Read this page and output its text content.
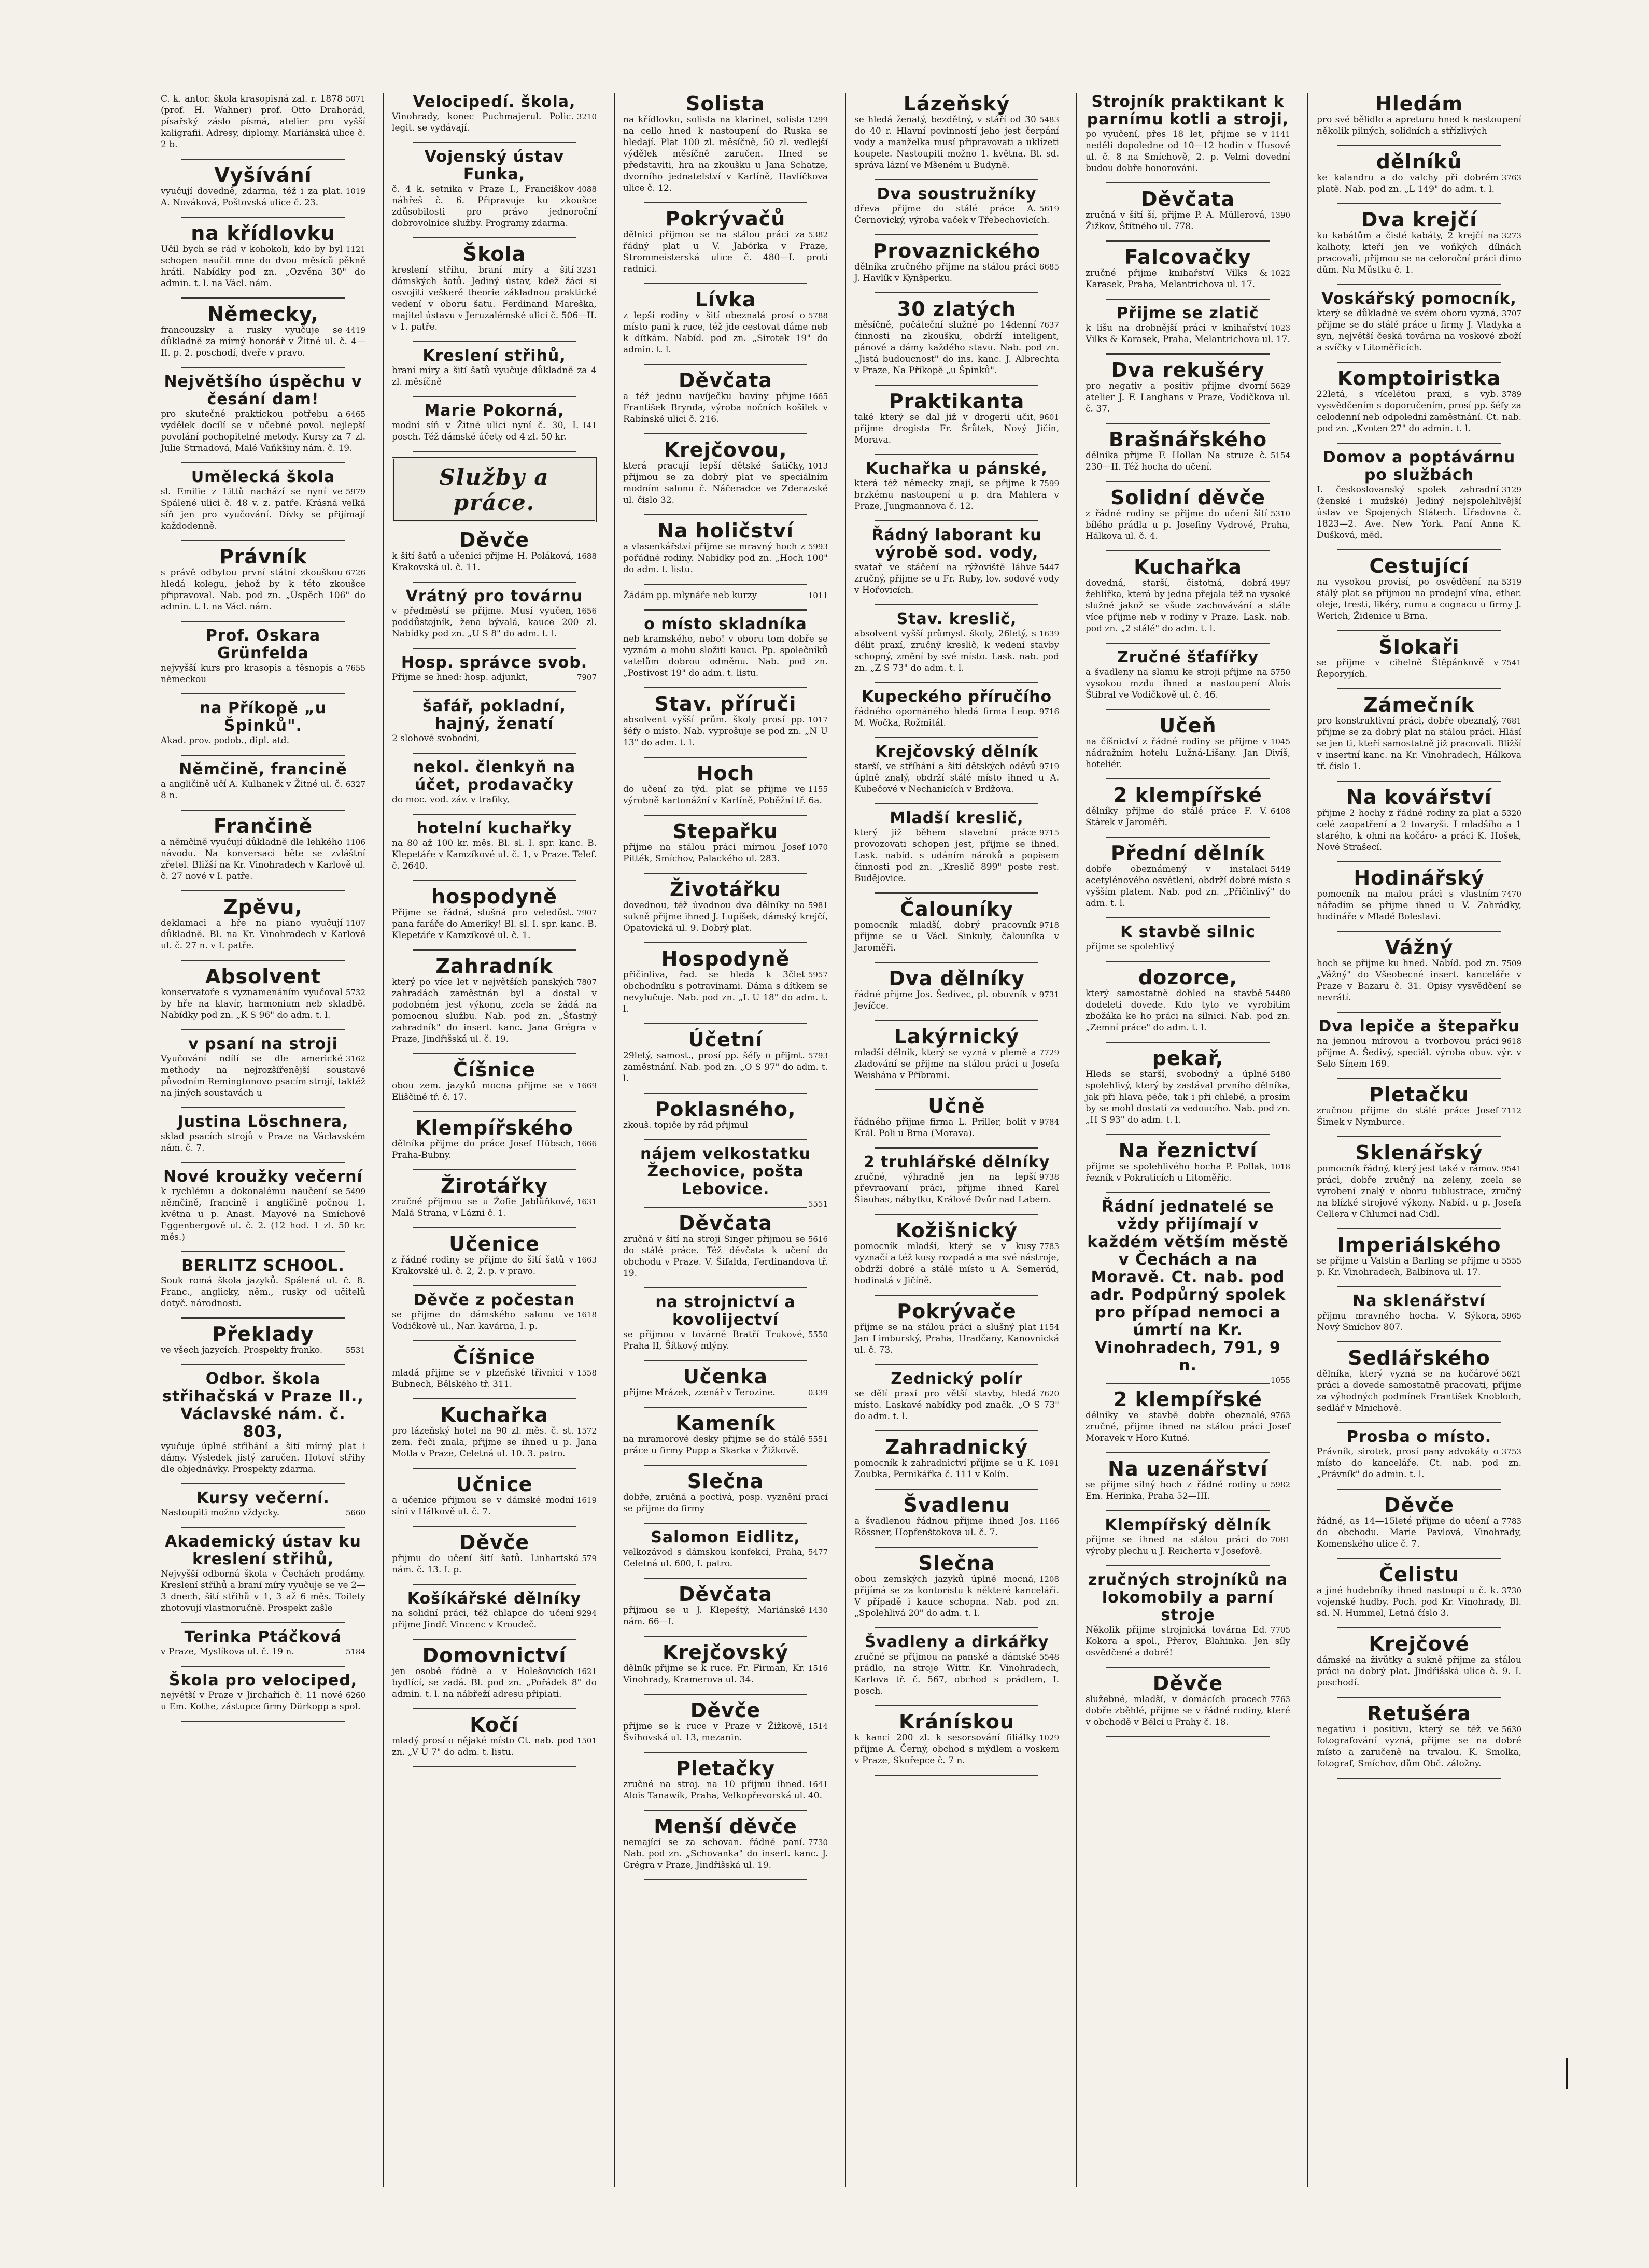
5071
C. k. antor. škola krasopisná zal. r. 1878 (prof. H. Wahner) prof. Otto Drahorád, písařský záslo písmá, atelier pro vyšší kaligrafii. Adresy, diplomy. Mariánská ulice č. 2 b.
Vyšívání
1019
vyučují dovedně, zdarma, též i za plat. A. Nováková, Poštovská ulice č. 23.
na křídlovku
1121
Učil bych se rád v kohokoli, kdo by byl schopen naučit mne do dvou měsíců pěkně hráti. Nabídky pod zn. „Ozvěna 30" do admin. t. l. na Václ. nám.
Německy,
4419
francouzsky a rusky vyučuje se důkladně za mírný honorář v Žitné ul. č. 4—II. p. 2. poschodí, dveře v pravo.
Největšího úspěchu v česání dam!
6465
pro skutečné praktickou potřebu a vydělek docílí se v učebné povol. nejlepší povolání pochopitelné metody. Kursy za 7 zl. Julie Strnadová, Malé Vaňkšiny nám. č. 19.
Umělecká škola
5979
sl. Emilie z Littů nachází se nyní ve Spálené ulici č. 48 v. z. patře. Krásná velká síň jen pro vyučování. Dívky se přijímají každodenně.
Právník
6726
s právě odbytou první státní zkouškou hledá kolegu, jehož by k této zkoušce připravoval. Nab. pod zn. „Úspěch 106" do admin. t. l. na Václ. nám.
Prof. Oskara Grünfelda
7655
nejvyšší kurs pro krasopis a těsnopis a německou
na Příkopě „u Špinků".
Akad. prov. podob., dipl. atd.
Němčině, francině
6327
a angličině učí A. Kulhanek v Žitné ul. č. 8 n.
Frančině
1106
a němčině vyučují důkladně dle lehkého návodu. Na konversaci běte se zvláštní zřetel. Bližší na Kr. Vinohradech v Karlově ul. č. 27 nové v I. patře.
Zpěvu,
1107
deklamaci a hře na piano vyučují důkladně. Bl. na Kr. Vinohradech v Karlově ul. č. 27 n. v I. patře.
Absolvent
5732
konservatoře s vyznamenáním vyučoval by hře na klavír, harmonium neb skladbě. Nabídky pod zn. „K S 96" do adm. t. l.
v psaní na stroji
3162
Vyučování ndílí se dle americké methody na nejrozšířenější soustavě původním Remingtonovo psacím strojí, taktéž na jiných soustavách u
Justina Löschnera,
sklad psacích strojů v Praze na Václavském nám. č. 7.
Nové kroužky večerní
5499
k rychlému a dokonalému naučení se němčině, francině i angličině počnou 1. května u p. Anast. Mayové na Smíchově Eggenbergově ul. č. 2. (12 hod. 1 zl. 50 kr. měs.)
BERLITZ SCHOOL.
Souk romá škola jazyků. Spálená ul. č. 8. Franc., anglicky, něm., rusky od učitelů dotyč. národnosti.
Překlady
5531
ve všech jazycích. Prospekty franko.
Odbor. škola střihačská v Praze II., Václavské nám. č. 803,
vyučuje úplně střihání a šití mírný plat i dámy. Výsledek jistý zaručen. Hotoví střihy dle objednávky. Prospekty zdarma.
Kursy večerní.
5660
Nastoupiti možno vždycky.
Akademický ústav ku kreslení střihů,
Nejvyšší odborná škola v Čechách prodámy. Kreslení střihů a braní míry vyučuje se ve 2—3 dnech, šití střihů v 1, 3 až 6 měs. Toilety zhotovují vlastnoručně. Prospekt zašle
Terinka Ptáčková
5184
v Praze, Myslíkova ul. č. 19 n.
Škola pro velociped,
6260
největší v Praze v Jirchařích č. 11 nové u Em. Kothe, zástupce firmy Dürkopp a spol.
Velocipedí. škola,
3210
Vinohrady, konec Puchmajerul. Polic. legit. se vydávají.
Vojenský ústav Funka,
4088
č. 4 k. setnika v Praze I., Franciškov náhřeš č. 6. Připravuje ku zkoušce zdůsobilosti pro právo jednoroční dobrovolnice služby. Programy zdarma.
Škola
3231
kreslení střihu, braní míry a šití dámských šatů. Jediný ústav, kdež žáci si osvojiti veškeré theorie základnou praktické vedení v oboru šatu. Ferdinand Mareška, majitel ústavu v Jeruzalémské ulici č. 506—II. v 1. patře.
Kreslení střihů,
braní míry a šití šatů vyučuje důkladně za 4 zl. měsíčně
Marie Pokorná,
141
modní síň v Žitné ulici nyní č. 30, I. posch. Též dámské účety od 4 zl. 50 kr.
Služby a práce.
Děvče
1688
k šití šatů a učenici přijme H. Poláková, Krakovská ul. č. 11.
Vrátný pro továrnu
1656
v předměstí se přijme. Musí vyučen, poddůstojník, žena bývalá, kauce 200 zl. Nabídky pod zn. „U S 8" do adm. t. l.
Hosp. správce svob.
7907
Přijme se hned: hosp. adjunkt,
šafář, pokladní, hajný, ženatí
2 slohové svobodní,
nekol. členkyň na účet, prodavačky
do moc. vod. záv. v trafiky,
hotelní kuchařky
na 80 až 100 kr. měs. Bl. sl. I. spr. kanc. B. Klepetáře v Kamzíkové ul. č. 1, v Praze. Telef. č. 2640.
hospodyně
7907
Přijme se řádná, slušná pro veledůst. pana faráře do Ameriky! Bl. sl. I. spr. kanc. B. Klepetáře v Kamzíkové ul. č. 1.
Zahradník
7807
který po více let v největších panských zahradách zaměstnán byl a dostal v podobném jest výkonu, zcela se žádá na pomocnou službu. Nab. pod zn. „Šťastný zahradník" do insert. kanc. Jana Grégra v Praze, Jindřišská ul. č. 19.
Číšnice
1669
obou zem. jazyků mocna přijme se v Eliščině tř. č. 17.
Klempířského
1666
dělníka přijme do práce Josef Hübsch, Praha-Bubny.
Žirotářky
1631
zručné přijmou se u Žofie Jablůňkové, Malá Strana, v Lázni č. 1.
Učenice
1663
z řádné rodiny se přijme do šití šatů v Krakovské ul. č. 2, 2. p. v pravo.
Děvče z počestan
1618
se přijme do dámského salonu ve Vodičkově ul., Nar. kavárna, I. p.
Číšnice
1558
mladá přijme se v plzeňské třivnici v Bubnech, Bělského tř. 311.
Kuchařka
1572
pro lázeňský hotel na 90 zl. měs. č. st. zem. řeči znala, přijme se ihned u p. Jana Motla v Praze, Celetná ul. 10. 3. patro.
Učnice
1619
a učenice přijmou se v dámské modní síni v Hálkově ul. č. 7.
Děvče
579
přijmu do učení šití šatů. Linhartská nám. č. 13. I. p.
Košíkářské dělníky
9294
na solidní práci, též chlapce do učení přijme Jindř. Vincenc v Kroudeč.
Domovnictví
1621
jen osobě řádně a v Holešovicích bydlící, se zadá. Bl. pod zn. „Pořádek 8" do admin. t. l. na nábřeží adresu připiati.
Kočí
1501
mladý prosí o nějaké místo Ct. nab. pod zn. „V U 7" do adm. t. listu.
Solista
1299
na křídlovku, solista na klarinet, solista na cello hned k nastoupení do Ruska se hledají. Plat 100 zl. měsíčně, 50 zl. vedlejší výdělek měsíčně zaručen. Hned se představiti, hra na zkoušku u Jana Schatze, dvorního jednatelství v Karlíně, Havlíčkova ulice č. 12.
Pokrývačů
5382
dělnici přijmou se na stálou práci za řádný plat u V. Jabórka v Praze, Strommeisterská ulice č. 480—I. proti radnici.
Lívka
5788
z lepší rodiny v šití obeznalá prosí o místo pani k ruce, též jde cestovat dáme neb k dítkám. Nabíd. pod zn. „Sirotek 19" do admin. t. l.
Děvčata
1665
a též jednu navíječku baviny přijme František Brynda, výroba nočních košilek v Rabínské ulici č. 216.
Krejčovou,
1013
která pracují lepší dětské šatičky, přijmou se za dobrý plat ve speciálním modním salonu č. Náčeradce ve Zderazské ul. čislo 32.
Na holičství
5993
a vlasenkářství přijme se mravný hoch z pořádné rodiny. Nabídky pod zn. „Hoch 100" do adm. t. listu.
1011
Žádám pp. mlynáře neb kurzy
o místo skladníka
neb kramského, nebo! v oboru tom dobře se vyznám a mohu složiti kauci. Pp. společníků vatelům dobrou odměnu. Nab. pod zn. „Postivost 19" do adm. t. listu.
Stav. příruči
1017
absolvent vyšší prům. školy prosí pp. šéfy o místo. Nab. vyprošuje se pod zn. „N U 13" do adm. t. l.
Hoch
1155
do učení za týd. plat se přijme ve výrobně kartonážní v Karlíně, Poběžní tř. 6a.
Stepařku
1070
přijme na stálou práci mírnou Josef Pitték, Smíchov, Palackého ul. 283.
Životářku
5981
dovednou, též úvodnou dva dělníky na sukně přijme ihned J. Lupíšek, dámský krejčí, Opatovická ul. 9. Dobrý plat.
Hospodyně
5957
přičinliva, řad. se hledá k 3člet obchodníku s potravinami. Dáma s dítkem se nevylučuje. Nab. pod zn. „L U 18" do adm. t. l.
Účetní
5793
29letý, samost., prosí pp. šéfy o přijmt. zaměstnání. Nab. pod zn. „O S 97" do adm. t. l.
Poklasného,
zkouš. topiče by rád přijmul
nájem velkostatku Žechovice, pošta Lebovice.
5551
Děvčata
5616
zručná v šití na stroji Singer přijmou se do stálé práce. Též děvčata k učení do obchodu v Praze. V. Šifalda, Ferdinandova tř. 19.
na strojnictví a kovolijectví
5550
se přijmou v továrně Bratří Trukové, Praha II, Šítkový mlýny.
Učenka
0339
přijme Mrázek, zzenář v Terozine.
Kameník
5551
na mramorové desky přijme se do stálé práce u firmy Pupp a Skarka v Žižkově.
Slečna
dobře, zručná a poctivá, posp. vyznění prací se přijme do firmy
Salomon Eidlitz,
5477
velkozávod s dámskou konfekcí, Praha, Celetná ul. 600, I. patro.
Děvčata
1430
přijmou se u J. Klepeštý, Mariánské nám. 66—I.
Krejčovský
1516
dělník přijme se k ruce. Fr. Firman, Kr. Vinohrady, Kramerova ul. 34.
Děvče
1514
přijme se k ruce v Praze v Žižkově, Švihovská ul. 13, mezanin.
Pletačky
1641
zručné na stroj. na 10 přijmu ihned. Alois Tanawík, Praha, Velkopřevorská ul. 40.
Menší děvče
7730
nemající se za schovan. řádné paní. Nab. pod zn. „Schovanka" do insert. kanc. J. Grégra v Praze, Jindřišská ul. 19.
Lázeňský
5483
se hledá ženatý, bezdětný, v stáří od 30 do 40 r. Hlavní povinností jeho jest čerpání vody a manželka musí připravovati a uklízeti koupele. Nastoupiti možno 1. května. Bl. sd. správa lázní ve Mšeném u Budyně.
Dva soustružníky
5619
dřeva přijme do stálé práce A. Černovický, výroba vaček v Třebechovicích.
Provaznického
6685
dělníka zručného přijme na stálou práci J. Havlík v Kynšperku.
30 zlatých
7637
měsíčně, počáteční služné po 14denní činnosti na zkoušku, obdrží inteligent, pánové a dámy každého stavu. Nab. pod zn. „Jistá budoucnost" do ins. kanc. J. Albrechta v Praze, Na Příkopě „u Špinků".
Praktikanta
9601
také který se dal již v drogerii učit, přijme drogista Fr. Šrůtek, Nový Jičín, Morava.
Kuchařka u pánské,
7599
která též německy znají, se přijme k brzkému nastoupení u p. dra Mahlera v Praze, Jungmannova č. 12.
Řádný laborant ku výrobě sod. vody,
5447
svatař ve stáčení na rýžoviště láhve zručný, přijme se u Fr. Ruby, lov. sodové vody v Hořovicích.
Stav. kreslič,
1639
absolvent vyšší průmysl. školy, 26letý, s dělit praxí, zručný kreslič, k vedení stavby schopný, změní by své místo. Lask. nab. pod zn. „Z S 73" do adm. t. l.
Kupeckého příručího
9716
řádného opornáného hledá firma Leop. M. Wočka, Rožmitál.
Krejčovský dělník
9719
starší, ve stříhání a šití dětských oděvů úplně znalý, obdrží stálé místo ihned u A. Kubečové v Nechanicích v Brdžova.
Mladší kreslič,
9715
který již během stavební práce provozovati schopen jest, přijme se ihned. Lask. nabíd. s udáním nároků a popisem činnosti pod zn. „Kreslič 899" poste rest. Budějovice.
Čalouníky
9718
pomocník mladší, dobrý pracovník přijme se u Václ. Sinkuly, čalouníka v Jaroměři.
Dva dělníky
9731
řádné přijme Jos. Šedivec, pl. obuvník v Jevíčce.
Lakýrnický
7729
mladší dělník, který se vyzná v plemě a zladování se přijme na stálou práci u Josefa Weishána v Příbrami.
Učně
9784
řádného přijme firma L. Priller, bolit v Král. Poli u Brna (Morava).
2 truhlářské dělníky
9738
zručné, výhradně jen na lepší převraovaní práci, přijme ihned Karel Šiauhas, nábytku, Králové Dvůr nad Labem.
Kožišnický
7783
pomocník mladší, který se v kusy vyznačí a též kusy rozpadá a ma své nástroje, obdrží dobré a stálé místo u A. Semerád, hodinatá v Jičíně.
Pokrývače
1154
přijme se na stálou práci a slušný plat Jan Limburský, Praha, Hradčany, Kanovnická ul. č. 73.
Zednický polír
7620
se dělí praxí pro větší stavby, hledá místo. Laskavé nabídky pod značk. „O S 73" do adm. t. l.
Zahradnický
1091
pomocník k zahradnictví přijme se u K. Zoubka, Pernikářka č. 111 v Kolín.
Švadlenu
1166
a švadlenou řádnou přijme ihned Jos. Rössner, Hopfenštokova ul. č. 7.
Slečna
1208
obou zemských jazyků úplně mocná, přijímá se za kontoristu k některé kanceláři. V případě i kauce schopna. Nab. pod zn. „Spolehlivá 20" do adm. t. l.
Švadleny a dirkářky
5548
zručné se přijmou na panské a dámské prádlo, na stroje Wittr. Kr. Vinohradech, Karlova tř. č. 567, obchod s prádlem, I. posch.
Kránískou
1029
k kanci 200 zl. k sesorsování filiálky přijme A. Černý, obchod s mýdlem a voskem v Praze, Skořepce č. 7 n.
Strojník praktikant k parnímu kotli a stroji,
1141
po vyučení, přes 18 let, přijme se v neděli dopoledne od 10—12 hodin v Husově ul. č. 8 na Smíchově, 2. p. Velmi dovední budou dobře honorováni.
Děvčata
1390
zručná v šití ší, přijme P. A. Müllerová, Žižkov, Štítného ul. 778.
Falcovačky
1022
zručné přijme knihařství Vilks & Karasek, Praha, Melantrichova ul. 17.
Přijme se zlatič
1023
k lišu na drobnější práci v knihařství Vilks & Karasek, Praha, Melantrichova ul. 17.
Dva rekušéry
5629
pro negativ a positiv přijme dvorní atelier J. F. Langhans v Praze, Vodičkova ul. č. 37.
Brašnářského
5154
dělníka přijme F. Hollan Na struze č. 230—II. Též hocha do učení.
Solidní děvče
5310
z řádné rodiny se přijme do učení šití bílého prádla u p. Josefiny Vydrové, Praha, Hálkova ul. č. 4.
Kuchařka
4997
dovedná, starší, čistotná, dobrá žehlířka, která by jedna přejala též na vysoké služné jakož se všude zachovávání a stále více přijme neb v rodiny v Praze. Lask. nab. pod zn. „2 stálé" do adm. t. l.
Zručné šťafířky
5750
a švadleny na slamu ke stroji přijme na vysokou mzdu ihned a nastoupení Alois Štibral ve Vodičkově ul. č. 46.
Učeň
1045
na číšnictví z řádné rodiny se přijme v nádražním hotelu Lužná-Lišany. Jan Divíš, hoteliér.
2 klempířské
6408
dělníky přijme do stálé práce F. V. Stárek v Jaroměři.
Přední dělník
5449
dobře obeznámený v instalaci acetylénového osvětlení, obdrží dobré místo s vyšším platem. Nab. pod zn. „Přičinlivý" do adm. t. l.
K stavbě silnic
přijme se spolehlivý
dozorce,
54480
který samostatně dohled na stavbě dodeleti dovede. Kdo tyto ve vyrobitim zbožáka ke ho práci na silnici. Nab. pod zn. „Zemní práce" do adm. t. l.
pekař,
5480
Hleds se starší, svobodný a úplně spolehlivý, který by zastával prvního dělníka, jak při hlava péče, tak i při chlebě, a prosím by se mohl dostati za vedoucího. Nab. pod zn. „H S 93" do adm. t. l.
Na řeznictví
1018
přijme se spolehlivého hocha P. Pollak, řezník v Pokraticích u Litoměřic.
Řádní jednatelé se vždy přijímají v každém větším městě v Čechách a na Moravě. Ct. nab. pod adr. Podpůrný spolek pro případ nemoci a úmrtí na Kr. Vinohradech, 791, 9 n.
1055
2 klempířské
9763
dělníky ve stavbě dobře obeznalé, zručné, přijme ihned na stálou práci Josef Moravek v Horo Kutné.
Na uzenářství
5982
se přijme silný hoch z řádné rodiny u Em. Herinka, Praha 52—III.
Klempířský dělník
7081
přijme se ihned na stálou práci do výroby plechu u J. Reicherta v Josefově.
zručných strojníků na lokomobily a parní stroje
7705
Několik přijme strojnická továrna Ed. Kokora a spol., Přerov, Blahinka. Jen síly osvědčené a dobré!
Děvče
7763
služebné, mladší, v domácích pracech dobře zběhlé, přijme se v řádné rodiny, které v obchodě v Bělci u Prahy č. 18.
Hledám
pro své bělidlo a apreturu hned k nastoupení několik pilných, solidních a střízlivých
dělníků
3763
ke kalandru a do valchy při dobrém platě. Nab. pod zn. „L 149" do adm. t. l.
Dva krejčí
3273
ku kabátům a čisté kabáty, 2 krejčí na kalhoty, kteří jen ve voňkých dílnách pracovali, přijmou se na celoroční práci dimo dům. Na Můstku č. 1.
Voskářský pomocník,
3707
který se důkladně ve svém oboru vyzná, přijme se do stálé práce u firmy J. Vladyka a syn, největší česká továrna na voskové zboží a svíčky v Litoměřicích.
Komptoiristka
3789
22letá, s vícelétou praxí, s vyb. vysvědčením s doporučením, prosí pp. šéfy za celodenní neb odpolední zaměstnání. Ct. nab. pod zn. „Kvoten 27" do admin. t. l.
Domov a poptávárnu po službách
3129
I. českoslovanský spolek zahradní (ženské i mužské) Jediný nejspolehlivější ústav ve Spojených Státech. Úřadovna č. 1823—2. Ave. New York. Paní Anna K. Dušková, měd.
Cestující
5319
na vysokou provisí, po osvědčení na stálý plat se přijmou na prodejní vína, ether. oleje, tresti, likéry, rumu a cognacu u firmy J. Werich, Židenice u Brna.
Šlokaři
7541
se přijme v cihelně Štěpánkově v Řeporyjích.
Zámečník
7681
pro konstruktivní práci, dobře obeznalý, přijme se za dobrý plat na stálou práci. Hlásí se jen ti, kteří samostatně již pracovali. Bližší v insertní kanc. na Kr. Vinohradech, Hálkova tř. číslo 1.
Na kovářství
5320
přijme 2 hochy z řádné rodiny za plat a celé zaopatření a 2 tovaryši. I mladšího a 1 starého, k ohni na kočáro- a práci K. Hošek, Nové Strašecí.
Hodinářský
7470
pomocník na malou práci s vlastním nářadím se přijme ihned u V. Zahrádky, hodináře v Mladé Boleslavi.
Vážný
7509
hoch se přijme ku hned. Nabíd. pod zn. „Vážný" do Všeobecné insert. kanceláře v Praze v Bazaru č. 31. Opisy vysvědčení se nevrátí.
Dva lepiče a štepařku
9618
na jemnou mírovou a tvorbovou práci přijme A. Šedivý, speciál. výroba obuv. výr. v Selo Sínem 169.
Pletačku
7112
zručnou přijme do stálé práce Josef Šimek v Nymburce.
Sklenářský
9541
pomocník řádný, který jest také v rámov. práci, dobře zručný na zeleny, zcela se vyrobení znalý v oboru tublustrace, zručný na blízké strojové výkony. Nabíd. u p. Josefa Cellera v Chlumci nad Cidl.
Imperiálského
5555
se přijme u Valstin a Barling se přijme u p. Kr. Vinohradech, Balbínova ul. 17.
Na sklenářství
5965
přijmu mravného hocha. V. Sýkora, Nový Smíchov 807.
Sedlářského
5621
dělníka, který vyzná se na kočárové práci a dovede samostatně pracovati, přijme za výhodných podmínek František Knobloch, sedlář v Mnichově.
Prosba o místo.
3753
Právník, sirotek, prosí pany advokáty o místo do kanceláře. Ct. nab. pod zn. „Právník" do admin. t. l.
Děvče
7783
řádné, as 14—15leté přijme do učení a do obchodu. Marie Pavlová, Vinohrady, Komenského ulice č. 7.
Čelistu
3730
a jiné hudebníky ihned nastoupí u č. k. vojenské hudby. Poch. pod Kr. Vinohrady, Bl. sd. N. Hummel, Letná číslo 3.
Krejčové
dámské na živůtky a sukně přijme za stálou práci na dobrý plat. Jindřišská ulice č. 9. I. poschodí.
Retušéra
5630
negativu i positivu, který se též ve fotografování vyzná, přijme se na dobré místo a zaručeně na trvalou. K. Smolka, fotograf, Smíchov, dům Obč. záložny.
